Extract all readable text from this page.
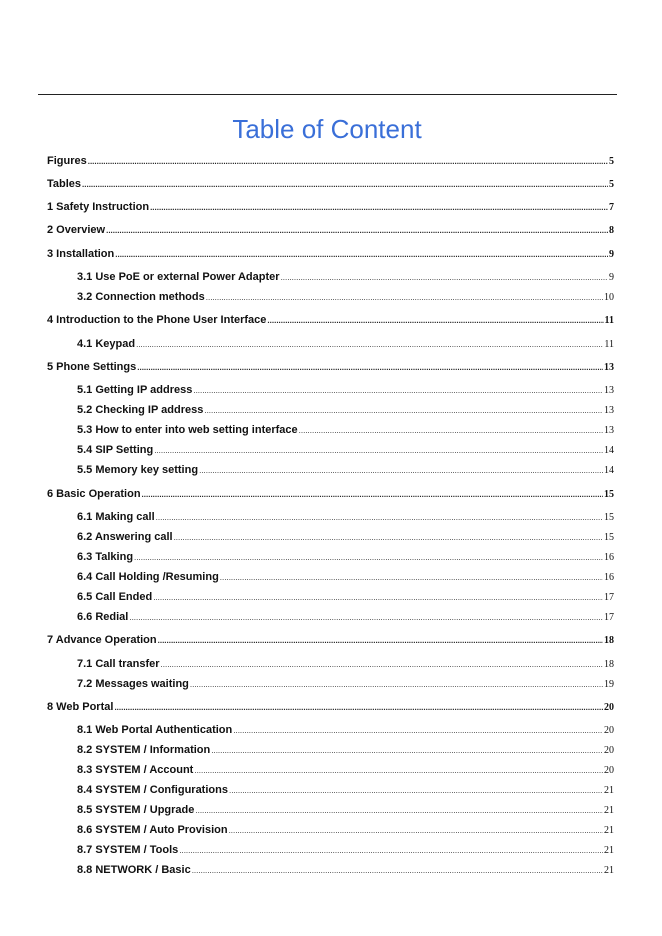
Table of Content
Figures .....	5
Tables .....	5
1 Safety Instruction .....	7
2 Overview .....	8
3 Installation .....	9
3.1 Use PoE or external Power Adapter .....	9
3.2 Connection methods .....	10
4 Introduction to the Phone User Interface .....	11
4.1 Keypad .....	11
5 Phone Settings .....	13
5.1 Getting IP address .....	13
5.2 Checking IP address .....	13
5.3 How to enter into web setting interface .....	13
5.4 SIP Setting .....	14
5.5 Memory key setting .....	14
6 Basic Operation .....	15
6.1 Making call .....	15
6.2 Answering call .....	15
6.3 Talking .....	16
6.4 Call Holding /Resuming .....	16
6.5 Call Ended .....	17
6.6 Redial .....	17
7 Advance Operation .....	18
7.1 Call transfer .....	18
7.2 Messages waiting .....	19
8 Web Portal .....	20
8.1 Web Portal Authentication .....	20
8.2 SYSTEM / Information .....	20
8.3 SYSTEM / Account .....	20
8.4 SYSTEM / Configurations .....	21
8.5 SYSTEM / Upgrade .....	21
8.6 SYSTEM / Auto Provision .....	21
8.7 SYSTEM / Tools .....	21
8.8 NETWORK / Basic .....	21
